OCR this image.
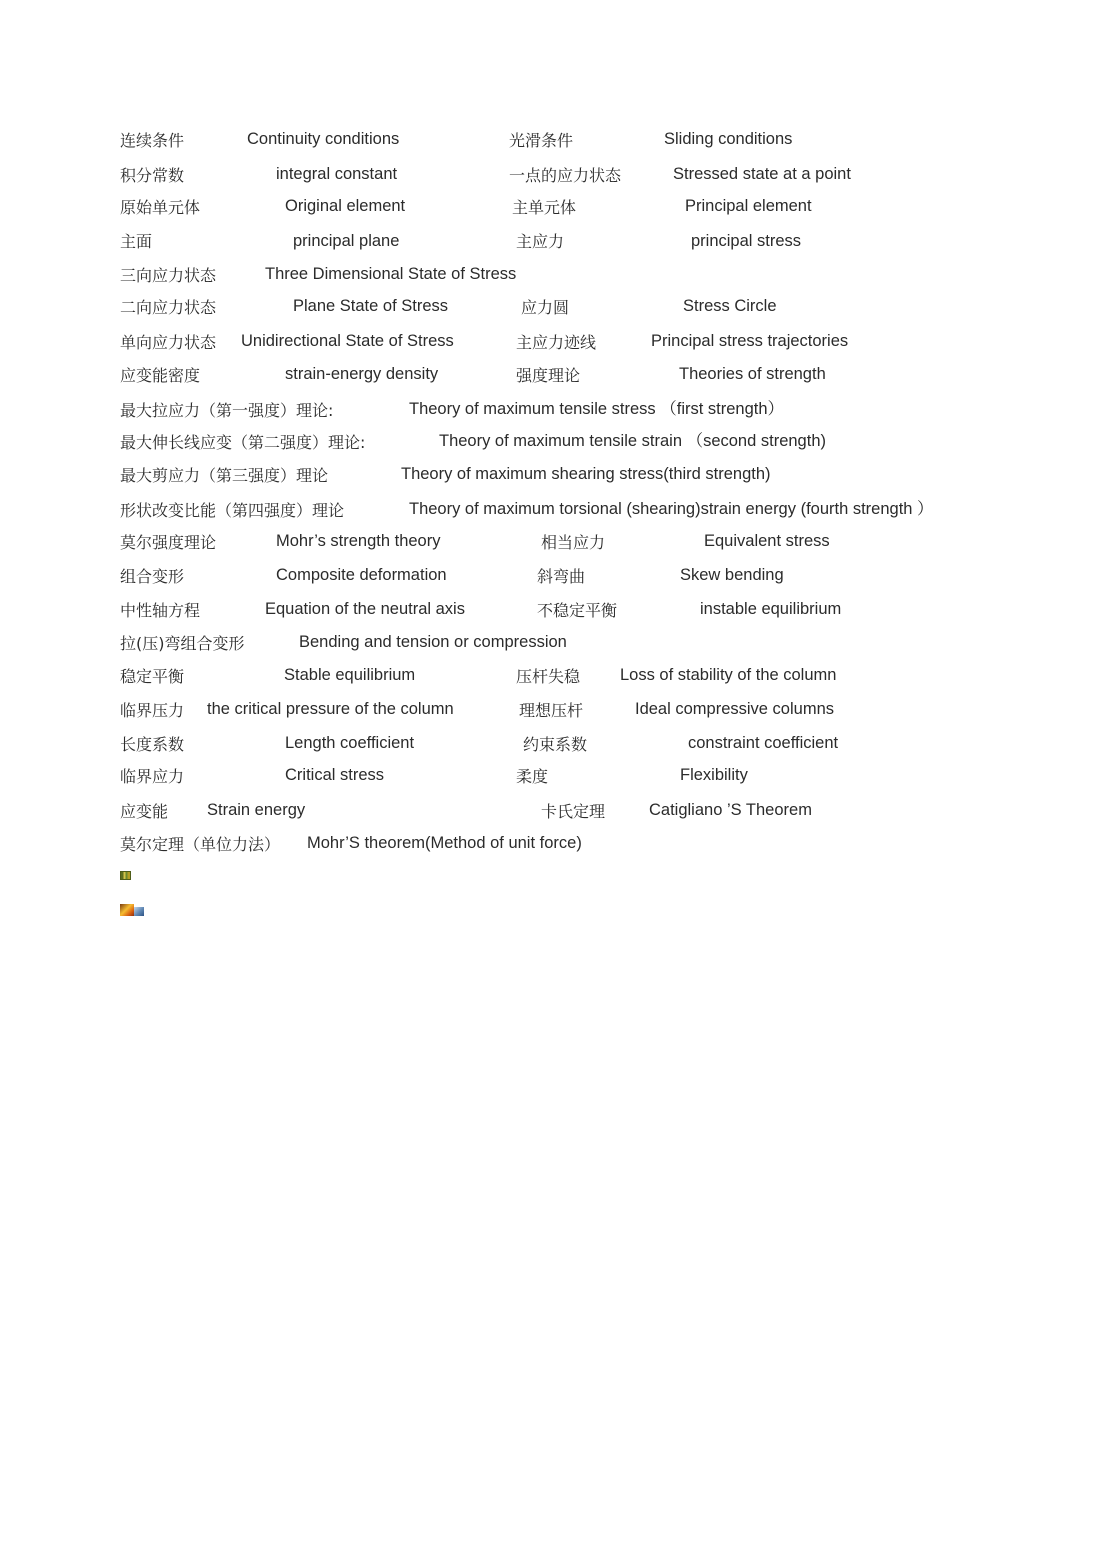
连续条件	Continuity conditions	光滑条件	Sliding conditions
积分常数	integral constant	一点的应力状态	Stressed state at a point
原始单元体	Original element	主单元体	Principal element
主面	principal plane	主应力	principal stress
三向应力状态	Three Dimensional State of Stress
二向应力状态	Plane State of Stress	应力圆	Stress Circle
单向应力状态 Unidirectional State of Stress	主应力迹线	Principal stress trajectories
应变能密度	strain-energy density	强度理论	Theories of strength
最大拉应力（第一强度）理论:	Theory of maximum tensile stress （first strength）
最大伸长线应变（第二强度）理论:	Theory of maximum tensile strain （second strength)
最大剪应力（第三强度）理论	Theory of maximum shearing stress(third strength)
形状改变比能（第四强度）理论	Theory of maximum torsional (shearing)strain energy (fourth strength ）
莫尔强度理论	Mohr’s strength theory	相当应力	Equivalent stress
组合变形	Composite deformation	斜弯曲	Skew bending
中性轴方程	Equation of the neutral axis	不稳定平衡	instable equilibrium
拉(压)弯组合变形	Bending and tension or compression
稳定平衡	Stable equilibrium	压杆失稳 Loss of stability of the column
临界压力 the critical pressure of the column	理想压杆	Ideal compressive columns
长度系数	Length coefficient	约束系数	constraint coefficient
临界应力	Critical stress	柔度	Flexibility
应变能 Strain energy	卡氏定理	Catigliano ’S Theorem
莫尔定理（单位力法） Mohr’S theorem(Method of unit force)
